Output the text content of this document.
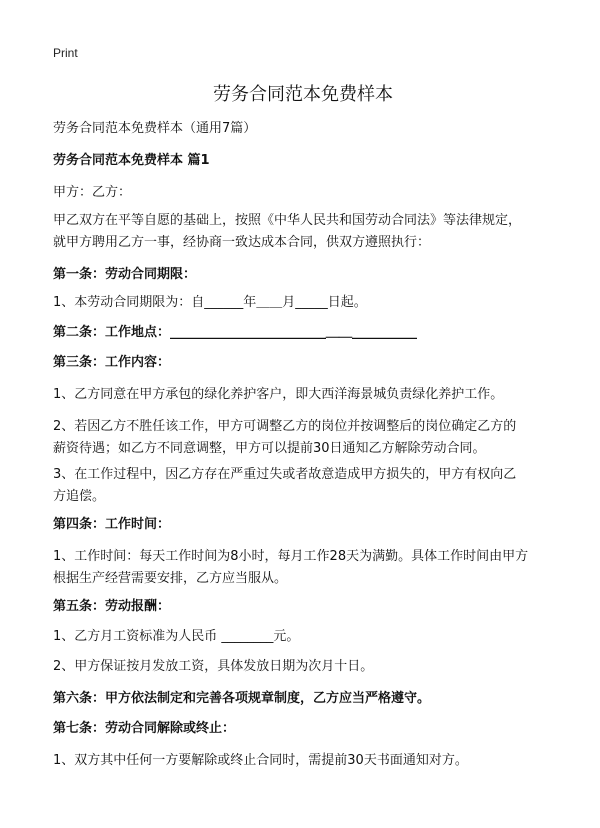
Print
劳务合同范本免费样本
劳务合同范本免费样本（通用7篇）
劳务合同范本免费样本 篇1
甲方：乙方：
甲乙双方在平等自愿的基础上，按照《中华人民共和国劳动合同法》等法律规定，
就甲方聘用乙方一事，经协商一致达成本合同，供双方遵照执行：
第一条：劳动合同期限：
1、本劳动合同期限为：自______年＿＿月_____日起。
第二条：工作地点：________________________＿＿__________
第三条：工作内容：
1、乙方同意在甲方承包的绿化养护客户，即大西洋海景城负责绿化养护工作。
2、若因乙方不胜任该工作，甲方可调整乙方的岗位并按调整后的岗位确定乙方的
薪资待遇；如乙方不同意调整，甲方可以提前30日通知乙方解除劳动合同。
3、在工作过程中，因乙方存在严重过失或者故意造成甲方损失的，甲方有权向乙
方追偿。
第四条：工作时间：
1、工作时间：每天工作时间为8小时，每月工作28天为满勤。具体工作时间由甲方
根据生产经营需要安排，乙方应当服从。
第五条：劳动报酬：
1、乙方月工资标准为人民币 ________元。
2、甲方保证按月发放工资，具体发放日期为次月十日。
第六条：甲方依法制定和完善各项规章制度，乙方应当严格遵守。
第七条：劳动合同解除或终止：
1、双方其中任何一方要解除或终止合同时，需提前30天书面通知对方。
